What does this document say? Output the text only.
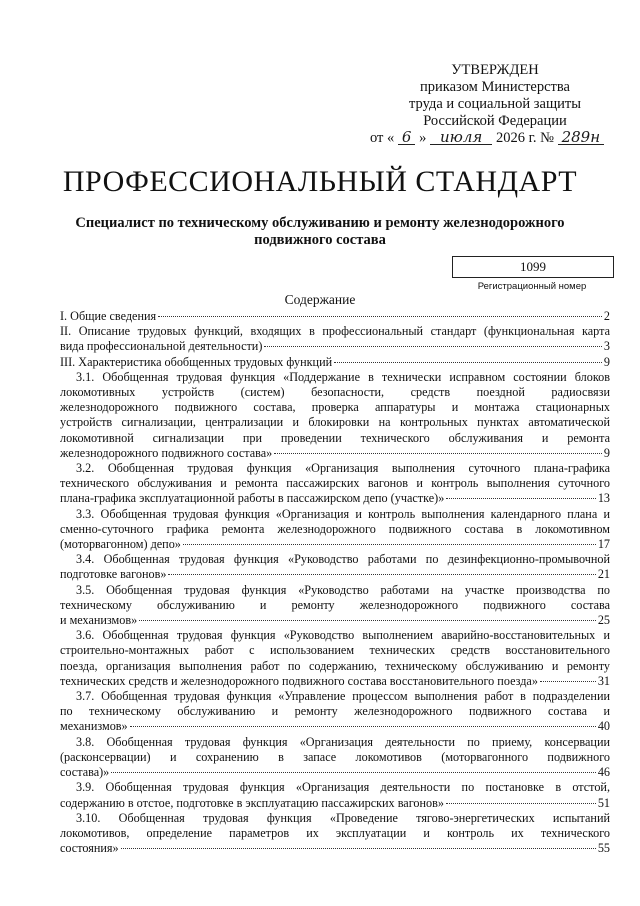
УТВЕРЖДЕН
приказом Министерства
труда и социальной защиты
Российской Федерации
от « 6 » июля 2026 г. № 289н
ПРОФЕССИОНАЛЬНЫЙ СТАНДАРТ
Специалист по техническому обслуживанию и ремонту железнодорожного подвижного состава
1099
Регистрационный номер
Содержание
I. Общие сведения	2
II. Описание трудовых функций, входящих в профессиональный стандарт (функциональная карта
вида профессиональной деятельности)	3
III. Характеристика обобщенных трудовых функций	9
3.1. Обобщенная трудовая функция «Поддержание в технически исправном состоянии блоков
локомотивных устройств (систем) безопасности, средств поездной радиосвязи
железнодорожного подвижного состава, проверка аппаратуры и монтажа стационарных
устройств сигнализации, централизации и блокировки на контрольных пунктах автоматической
локомотивной сигнализации при проведении технического обслуживания и ремонта
железнодорожного подвижного состава»	9
3.2. Обобщенная трудовая функция «Организация выполнения суточного плана-графика
технического обслуживания и ремонта пассажирских вагонов и контроль выполнения суточного
плана-графика эксплуатационной работы в пассажирском депо (участке)»	13
3.3. Обобщенная трудовая функция «Организация и контроль выполнения календарного плана и
сменно-суточного графика ремонта железнодорожного подвижного состава в локомотивном
(моторвагонном) депо»	17
3.4. Обобщенная трудовая функция «Руководство работами по дезинфекционно-промывочной
подготовке вагонов»	21
3.5. Обобщенная трудовая функция «Руководство работами на участке производства по
техническому обслуживанию и ремонту железнодорожного подвижного состава
и механизмов»	25
3.6. Обобщенная трудовая функция «Руководство выполнением аварийно-восстановительных и
строительно-монтажных работ с использованием технических средств восстановительного
поезда, организация выполнения работ по содержанию, техническому обслуживанию и ремонту
технических средств и железнодорожного подвижного состава восстановительного поезда»	31
3.7. Обобщенная трудовая функция «Управление процессом выполнения работ в подразделении
по техническому обслуживанию и ремонту железнодорожного подвижного состава и
механизмов»	40
3.8. Обобщенная трудовая функция «Организация деятельности по приему, консервации
(расконсервации) и сохранению в запасе локомотивов (моторвагонного подвижного
состава)»	46
3.9. Обобщенная трудовая функция «Организация деятельности по постановке в отстой,
содержанию в отстое, подготовке в эксплуатацию пассажирских вагонов»	51
3.10. Обобщенная трудовая функция «Проведение тягово-энергетических испытаний
локомотивов, определение параметров их эксплуатации и контроль их технического
состояния»	55
